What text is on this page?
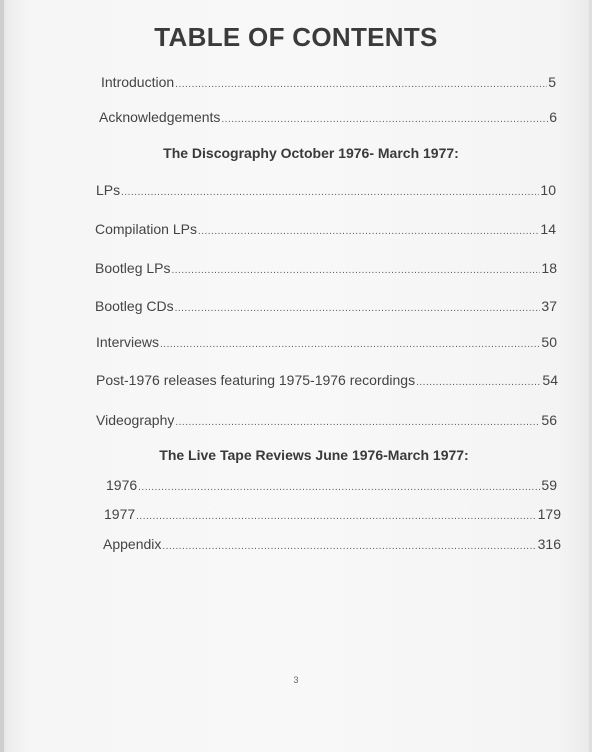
TABLE OF CONTENTS
Introduction .....	5
Acknowledgements .....	6
The Discography October 1976- March 1977:
LPs .....	10
Compilation LPs .....	14
Bootleg LPs .....	18
Bootleg CDs .....	37
Interviews .....	50
Post-1976 releases featuring 1975-1976 recordings .....	54
Videography .....	56
The Live Tape Reviews June 1976-March 1977:
1976 .....	59
1977 .....	179
Appendix .....	316
3
